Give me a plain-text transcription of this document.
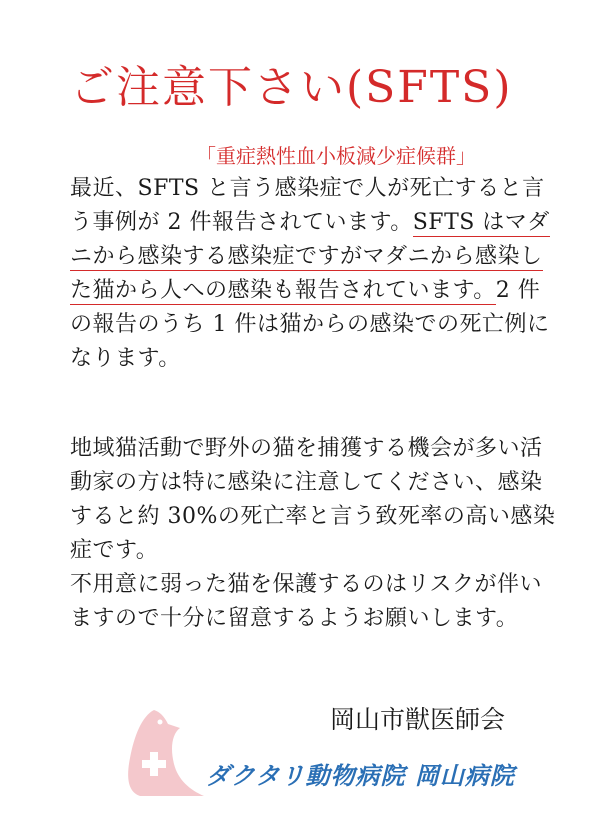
ご注意下さい(SFTS)
「重症熱性血小板減少症候群」
最近、SFTS と言う感染症で人が死亡すると言う事例が 2 件報告されています。SFTS はマダニから感染する感染症ですがマダニから感染した猫から人への感染も報告されています。2 件の報告のうち 1 件は猫からの感染での死亡例になります。
地域猫活動で野外の猫を捕獲する機会が多い活動家の方は特に感染に注意してください、感染すると約 30%の死亡率と言う致死率の高い感染症です。
不用意に弱った猫を保護するのはリスクが伴いますので十分に留意するようお願いします。
岡山市獣医師会
ダクタリ動物病院 岡山病院
